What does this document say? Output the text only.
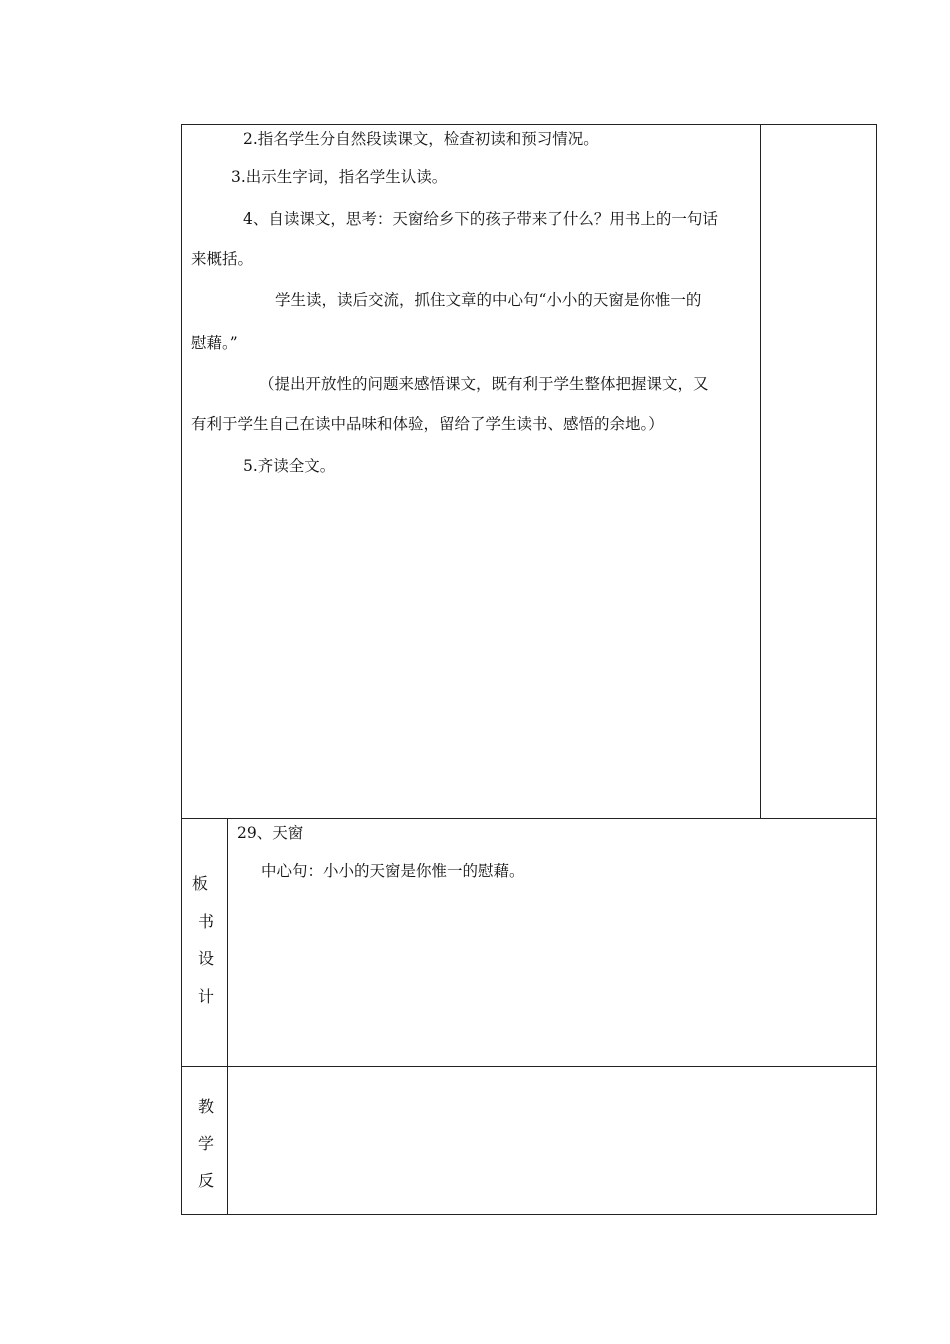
2.指名学生分自然段读课文，检查初读和预习情况。
3.出示生字词，指名学生认读。
4、自读课文，思考：天窗给乡下的孩子带来了什么？用书上的一句话
来概括。
学生读，读后交流，抓住文章的中心句“小小的天窗是你惟一的
慰藉。”
（提出开放性的问题来感悟课文，既有利于学生整体把握课文，又
有利于学生自己在读中品味和体验，留给了学生读书、感悟的余地。）
5.齐读全文。
板
书
设
计
29、天窗
中心句：小小的天窗是你惟一的慰藉。
教
学
反
